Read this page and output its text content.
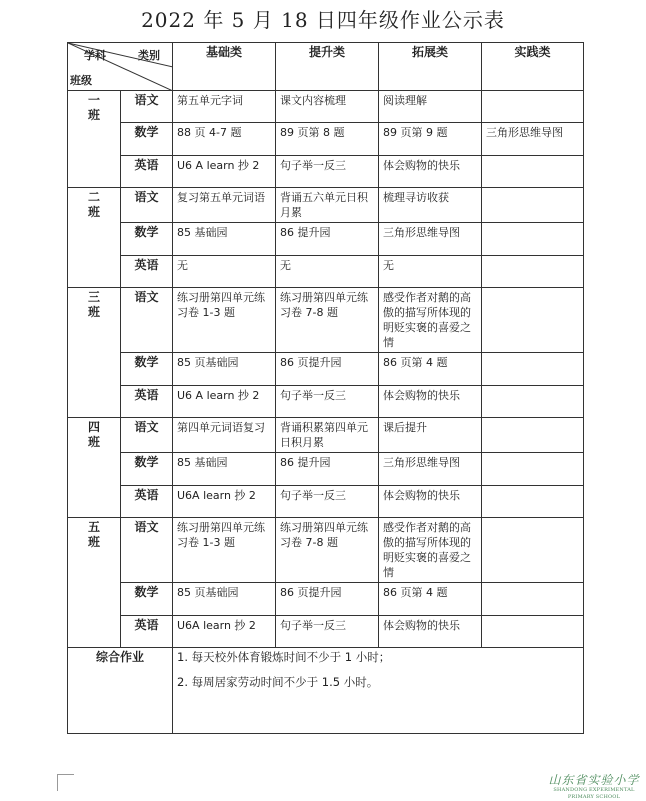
2022 年 5 月 18 日四年级作业公示表
学科 类别
班级		基础类	提升类	拓展类	实践类

一
班	语文	第五单元字词	课文内容梳理	阅读理解	
	数学	88 页 4-7 题	89 页第 8 题	89 页第 9 题	三角形思维导图
	英语	U6 A learn 抄 2	句子举一反三	体会购物的快乐	

二
班	语文	复习第五单元词语	背诵五六单元日积月累	梳理寻访收获	
	数学	85 基础园	86 提升园	三角形思维导图	
	英语	无	无	无	

三
班	语文	练习册第四单元练习卷 1-3 题	练习册第四单元练习卷 7-8 题	感受作者对鹅的高傲的描写所体现的明贬实褒的喜爱之情	
	数学	85 页基础园	86 页提升园	86 页第 4 题	
	英语	U6 A learn 抄 2	句子举一反三	体会购物的快乐	

四
班	语文	第四单元词语复习	背诵积累第四单元日积月累	课后提升	
	数学	85 基础园	86 提升园	三角形思维导图	
	英语	U6A learn 抄 2	句子举一反三	体会购物的快乐	

五
班	语文	练习册第四单元练习卷 1-3 题	练习册第四单元练习卷 7-8 题	感受作者对鹅的高傲的描写所体现的明贬实褒的喜爱之情	
	数学	85 页基础园	86 页提升园	86 页第 4 题	
	英语	U6A learn 抄 2	句子举一反三	体会购物的快乐	
综合作业		1. 每天校外体育锻炼时间不少于 1 小时；
2. 每周居家劳动时间不少于 1.5 小时。			
山东省实验小学
SHANDONG EXPERIMENTAL PRIMARY SCHOOL
